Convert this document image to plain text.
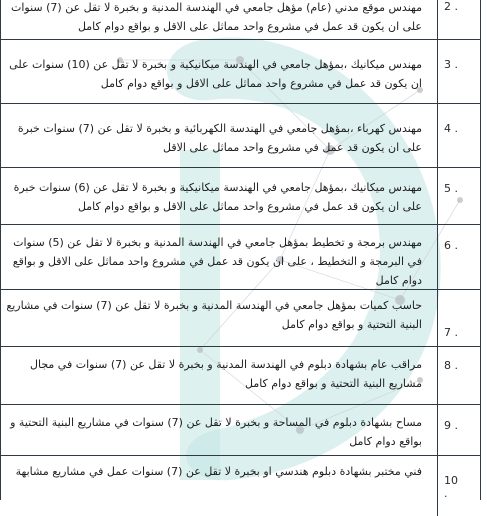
2 .
مهندس موقع مدني (عام) مؤهل جامعي في الهندسة المدنية و بخبرة لا تقل عن (7) سنوات على ان يكون قد عمل في مشروع واحد مماثل على الاقل و بواقع دوام كامل
3 .
مهندس ميكانيك ،بمؤهل جامعي في الهندسة ميكانيكية و بخبرة لا تقل عن (10) سنوات على ان يكون قد عمل في مشروع واحد مماثل على الاقل و بواقع دوام كامل
4 .
مهندس كهرباء ،بمؤهل جامعي في الهندسة الكهربائية و بخبرة لا تقل عن (7) سنوات خبرة على ان يكون قد عمل في مشروع واحد مماثل على الاقل
5 .
مهندس ميكانيك ،بمؤهل جامعي في الهندسة ميكانيكية و بخبرة لا تقل عن (6) سنوات خبرة على ان يكون قد عمل في مشروع واحد مماثل على الاقل و بواقع دوام كامل
6 .
مهندس برمجة و تخطيط بمؤهل جامعي في الهندسة المدنية و بخبرة لا تقل عن (5) سنوات في البرمجة و التخطيط ، على ان يكون قد عمل في مشروع واحد مماثل على الاقل و بواقع دوام كامل
7 .
حاسب كميات بمؤهل جامعي في الهندسة المدنية و بخبرة لا تقل عن (7) سنوات في مشاريع البنية التحتية و بواقع دوام كامل
8 .
مراقب عام بشهادة دبلوم في الهندسة المدنية و بخبرة لا تقل عن (7) سنوات في مجال مشاريع البنية التحتية و بواقع دوام كامل
9 .
مساح بشهادة دبلوم في المساحة و بخبرة لا تقل عن (7) سنوات في مشاريع البنية التحتية و بواقع دوام كامل
10 .
فني مختبر بشهادة دبلوم هندسي او بخبرة لا تقل عن (7) سنوات عمل في مشاريع مشابهة
